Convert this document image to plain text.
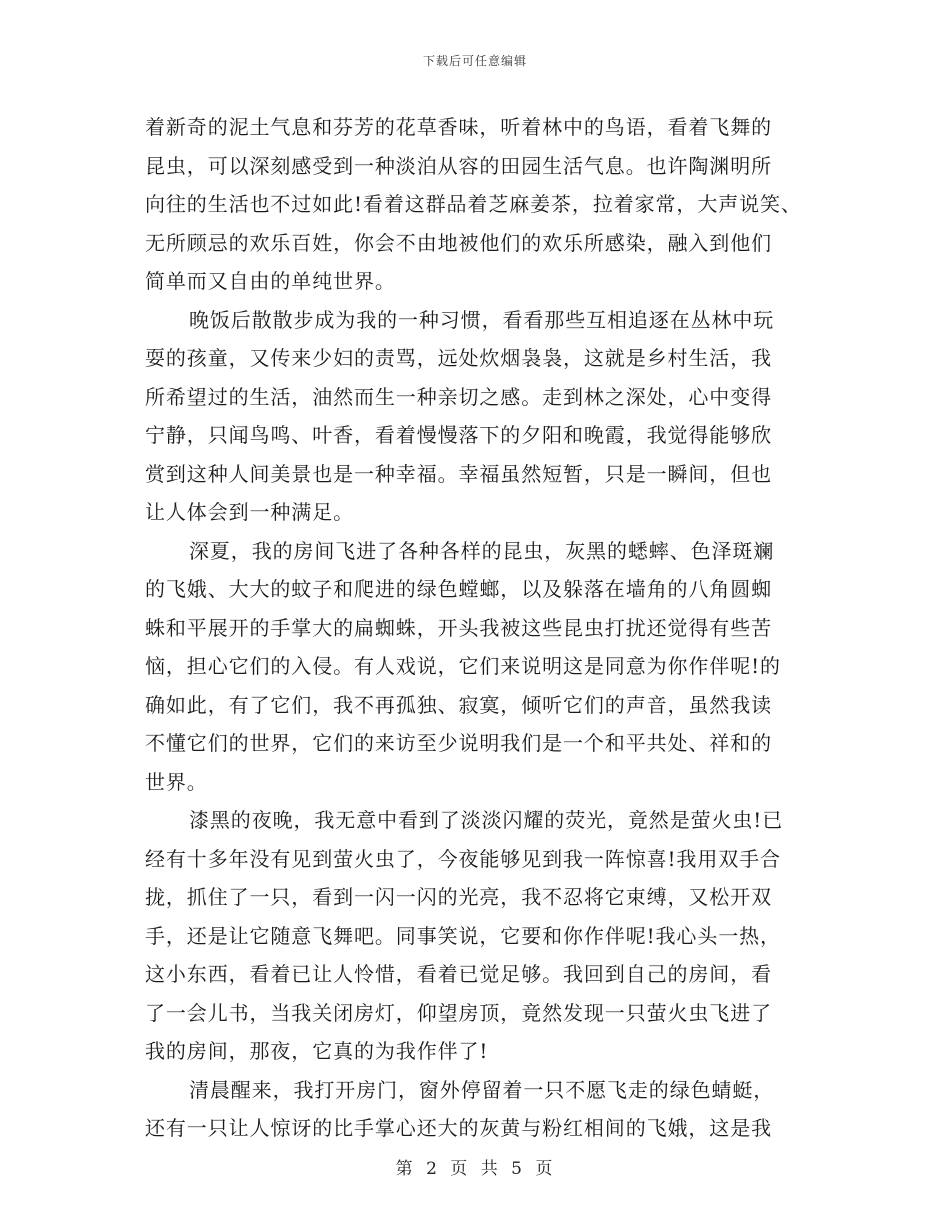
下载后可任意编辑
着新奇的泥土气息和芬芳的花草香味，听着林中的鸟语，看着飞舞的
昆虫，可以深刻感受到一种淡泊从容的田园生活气息。也许陶渊明所
向往的生活也不过如此!看着这群品着芝麻姜茶，拉着家常，大声说笑、
无所顾忌的欢乐百姓，你会不由地被他们的欢乐所感染，融入到他们
简单而又自由的单纯世界。
晚饭后散散步成为我的一种习惯，看看那些互相追逐在丛林中玩
耍的孩童，又传来少妇的责骂，远处炊烟袅袅，这就是乡村生活，我
所希望过的生活，油然而生一种亲切之感。走到林之深处，心中变得
宁静，只闻鸟鸣、叶香，看着慢慢落下的夕阳和晚霞，我觉得能够欣
赏到这种人间美景也是一种幸福。幸福虽然短暂，只是一瞬间，但也
让人体会到一种满足。
深夏，我的房间飞进了各种各样的昆虫，灰黑的蟋蟀、色泽斑斓
的飞娥、大大的蚊子和爬进的绿色螳螂，以及躲落在墙角的八角圆蜘
蛛和平展开的手掌大的扁蜘蛛，开头我被这些昆虫打扰还觉得有些苦
恼，担心它们的入侵。有人戏说，它们来说明这是同意为你作伴呢!的
确如此，有了它们，我不再孤独、寂寞，倾听它们的声音，虽然我读
不懂它们的世界，它们的来访至少说明我们是一个和平共处、祥和的
世界。
漆黑的夜晚，我无意中看到了淡淡闪耀的荧光，竟然是萤火虫!已
经有十多年没有见到萤火虫了，今夜能够见到我一阵惊喜!我用双手合
拢，抓住了一只，看到一闪一闪的光亮，我不忍将它束缚，又松开双
手，还是让它随意飞舞吧。同事笑说，它要和你作伴呢!我心头一热，
这小东西，看着已让人怜惜，看着已觉足够。我回到自己的房间，看
了一会儿书，当我关闭房灯，仰望房顶，竟然发现一只萤火虫飞进了
我的房间，那夜，它真的为我作伴了!
清晨醒来，我打开房门，窗外停留着一只不愿飞走的绿色蜻蜓，
还有一只让人惊讶的比手掌心还大的灰黄与粉红相间的飞娥，这是我
第 2 页 共 5 页
